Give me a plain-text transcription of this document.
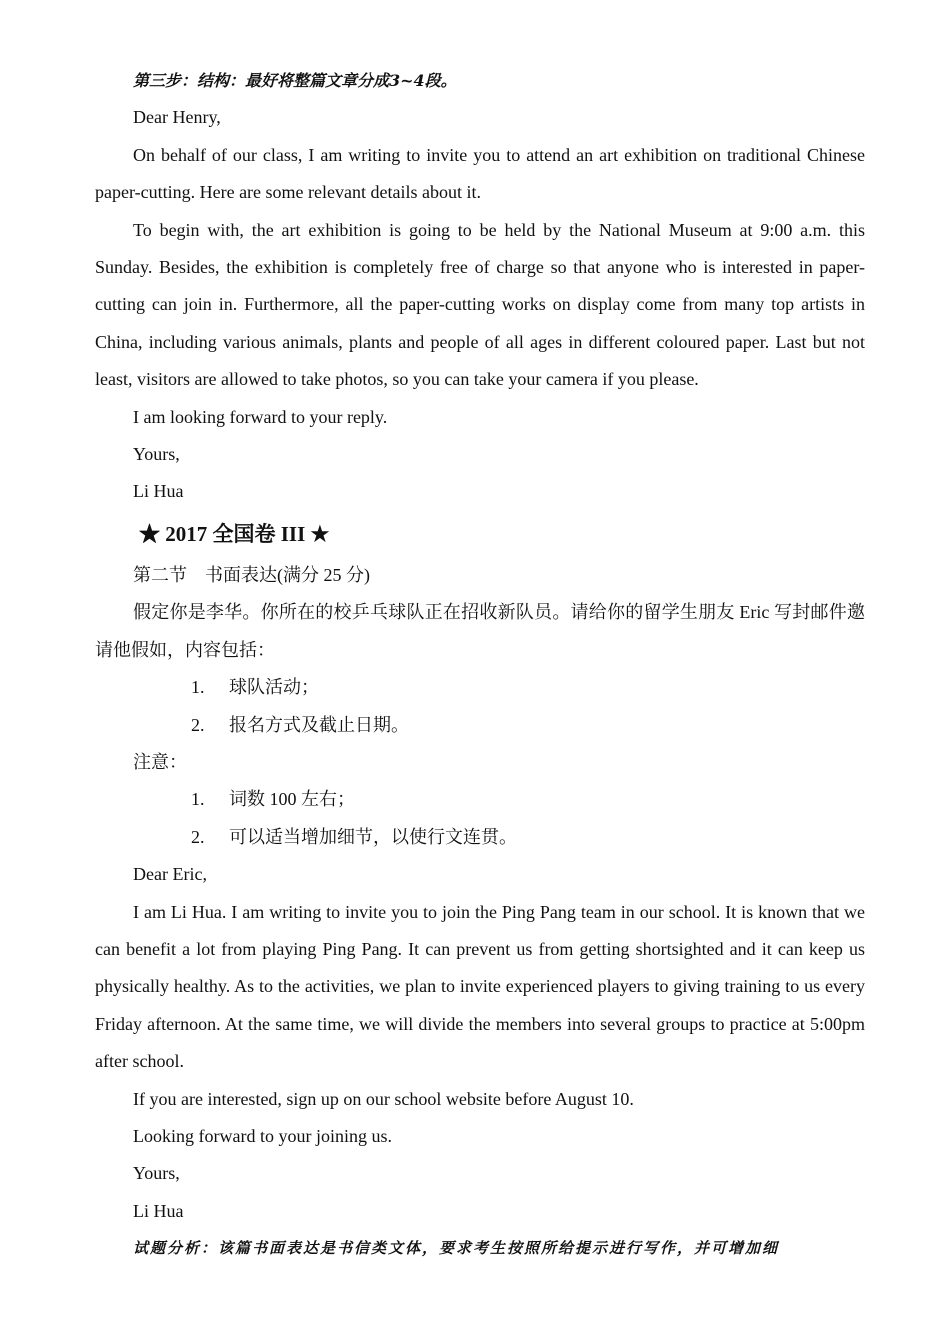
第三步：结构：最好将整篇文章分成3~4段。

Dear Henry,

On behalf of our class, I am writing to invite you to attend an art exhibition on traditional Chinese paper-cutting. Here are some relevant details about it.

To begin with, the art exhibition is going to be held by the National Museum at 9:00 a.m. this Sunday. Besides, the exhibition is completely free of charge so that anyone who is interested in paper-cutting can join in. Furthermore, all the paper-cutting works on display come from many top artists in China, including various animals, plants and people of all ages in different coloured paper. Last but not least, visitors are allowed to take photos, so you can take your camera if you please.

I am looking forward to your reply.

Yours,

Li Hua

★ 2017 全国卷 III ★

第二节    书面表达(满分 25 分)

假定你是李华。你所在的校乒乓球队正在招收新队员。请给你的留学生朋友 Eric 写封邮件邀请他假如，内容包括：

1. 球队活动；

2. 报名方式及截止日期。

注意：

1. 词数 100 左右；

2. 可以适当增加细节，以使行文连贯。

Dear Eric,

I am Li Hua. I am writing to invite you to join the Ping Pang team in our school. It is known that we can benefit a lot from playing Ping Pang. It can prevent us from getting shortsighted and it can keep us physically healthy. As to the activities, we plan to invite experienced players to giving training to us every Friday afternoon. At the same time, we will divide the members into several groups to practice at 5:00pm after school.

If you are interested, sign up on our school website before August 10.

Looking forward to your joining us.

Yours,

Li Hua

试题分析：该篇书面表达是书信类文体，要求考生按照所给提示进行写作，并可增加细
